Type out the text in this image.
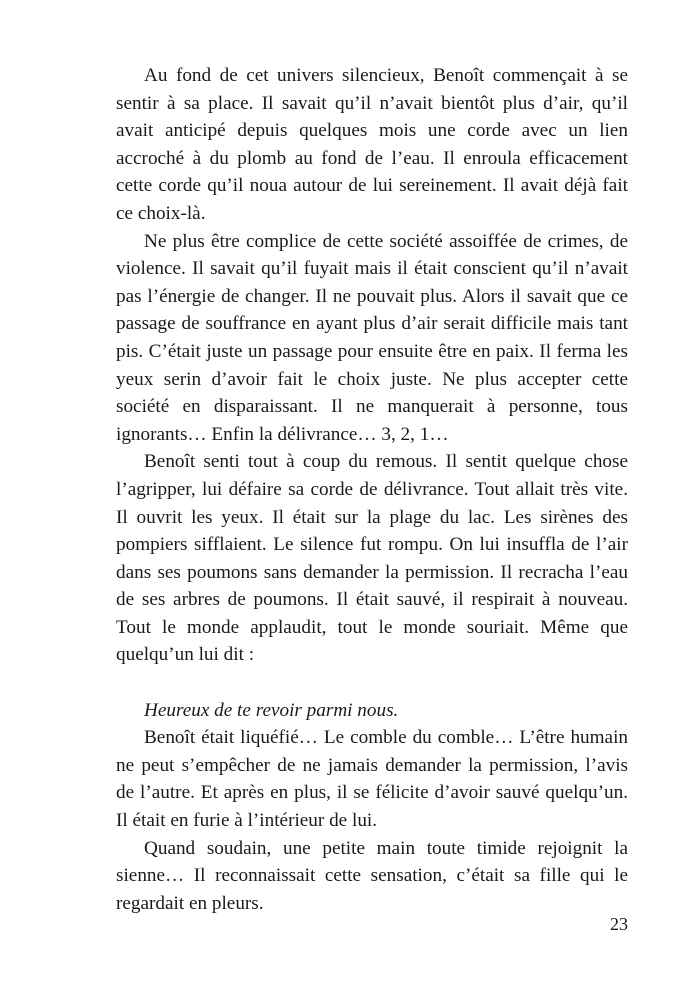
Au fond de cet univers silencieux, Benoît commençait à se sentir à sa place. Il savait qu’il n’avait bientôt plus d’air, qu’il avait anticipé depuis quelques mois une corde avec un lien accroché à du plomb au fond de l’eau. Il enroula efficacement cette corde qu’il noua autour de lui sereinement. Il avait déjà fait ce choix-là.

Ne plus être complice de cette société assoiffée de crimes, de violence. Il savait qu’il fuyait mais il était conscient qu’il n’avait pas l’énergie de changer. Il ne pouvait plus. Alors il savait que ce passage de souffrance en ayant plus d’air serait difficile mais tant pis. C’était juste un passage pour ensuite être en paix. Il ferma les yeux serin d’avoir fait le choix juste. Ne plus accepter cette société en disparaissant. Il ne manquerait à personne, tous ignorants… Enfin la délivrance… 3, 2, 1…

Benoît senti tout à coup du remous. Il sentit quelque chose l’agripper, lui défaire sa corde de délivrance. Tout allait très vite. Il ouvrit les yeux. Il était sur la plage du lac. Les sirènes des pompiers sifflaient. Le silence fut rompu. On lui insuffla de l’air dans ses poumons sans demander la permission. Il recracha l’eau de ses arbres de poumons. Il était sauvé, il respirait à nouveau. Tout le monde applaudit, tout le monde souriait. Même que quelqu’un lui dit :

Heureux de te revoir parmi nous.

Benoît était liquéfié… Le comble du comble… L’être humain ne peut s’empêcher de ne jamais demander la permission, l’avis de l’autre. Et après en plus, il se félicite d’avoir sauvé quelqu’un. Il était en furie à l’intérieur de lui.

Quand soudain, une petite main toute timide rejoignit la sienne… Il reconnaissait cette sensation, c’était sa fille qui le regardait en pleurs.

23
